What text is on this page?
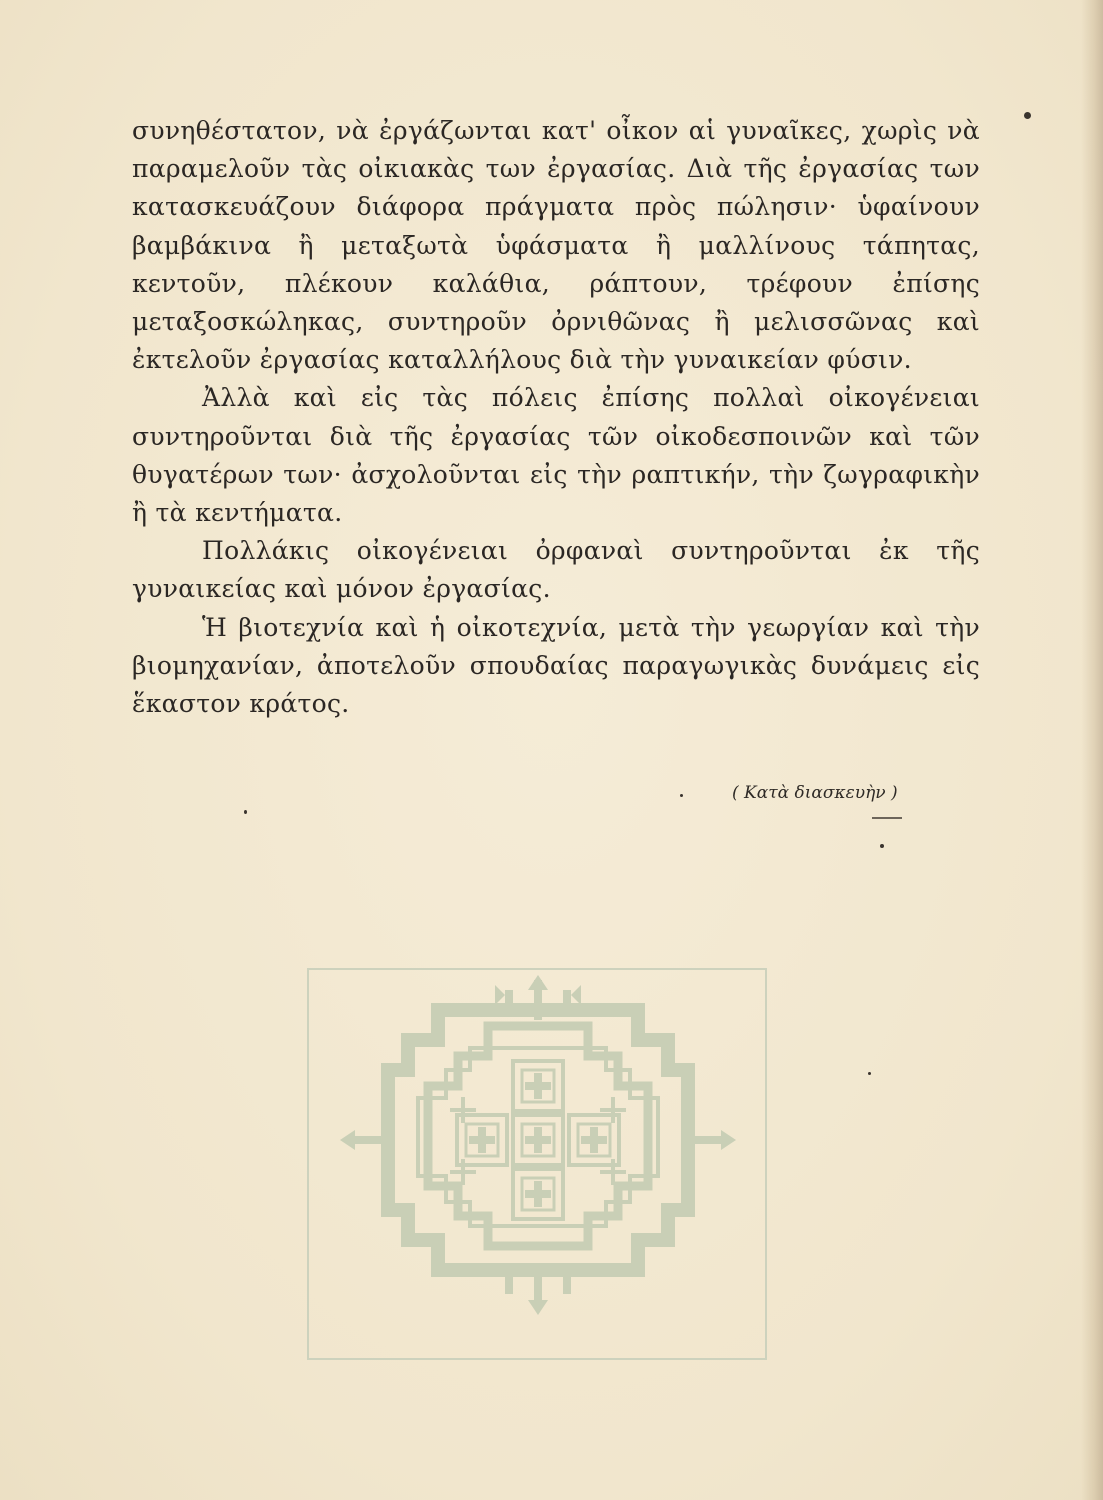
συνηθέστατον, νὰ ἐργάζωνται κατ' οἶκον αἱ γυναῖκες, χωρὶς νὰ παραμελοῦν τὰς οἰκιακὰς των ἐργασίας. Διὰ τῆς ἐργασίας των κατασκευάζουν διάφορα πράγματα πρὸς πώλησιν· ὑφαίνουν βαμβάκινα ἢ μεταξωτὰ ὑφάσματα ἢ μαλλίνους τάπητας, κεντοῦν, πλέκουν καλάθια, ράπτουν, τρέφουν ἐπίσης μεταξοσκώληκας, συντηροῦν ὀρνιθῶνας ἢ μελισσῶνας καὶ ἐκτελοῦν ἐργασίας καταλλήλους διὰ τὴν γυναικείαν φύσιν.

Ἀλλὰ καὶ εἰς τὰς πόλεις ἐπίσης πολλαὶ οἰκογένειαι συντηροῦνται διὰ τῆς ἐργασίας τῶν οἰκοδεσποινῶν καὶ τῶν θυγατέρων των· ἀσχολοῦνται εἰς τὴν ραπτικήν, τὴν ζωγραφικὴν ἢ τὰ κεντήματα.

Πολλάκις οἰκογένειαι ὀρφαναὶ συντηροῦνται ἐκ τῆς γυναικείας καὶ μόνον ἐργασίας.

Ἡ βιοτεχνία καὶ ἡ οἰκοτεχνία, μετὰ τὴν γεωργίαν καὶ τὴν βιομηχανίαν, ἀποτελοῦν σπουδαίας παραγωγικὰς δυνάμεις εἰς ἕκαστον κράτος.

( Κατὰ διασκευὴν )
